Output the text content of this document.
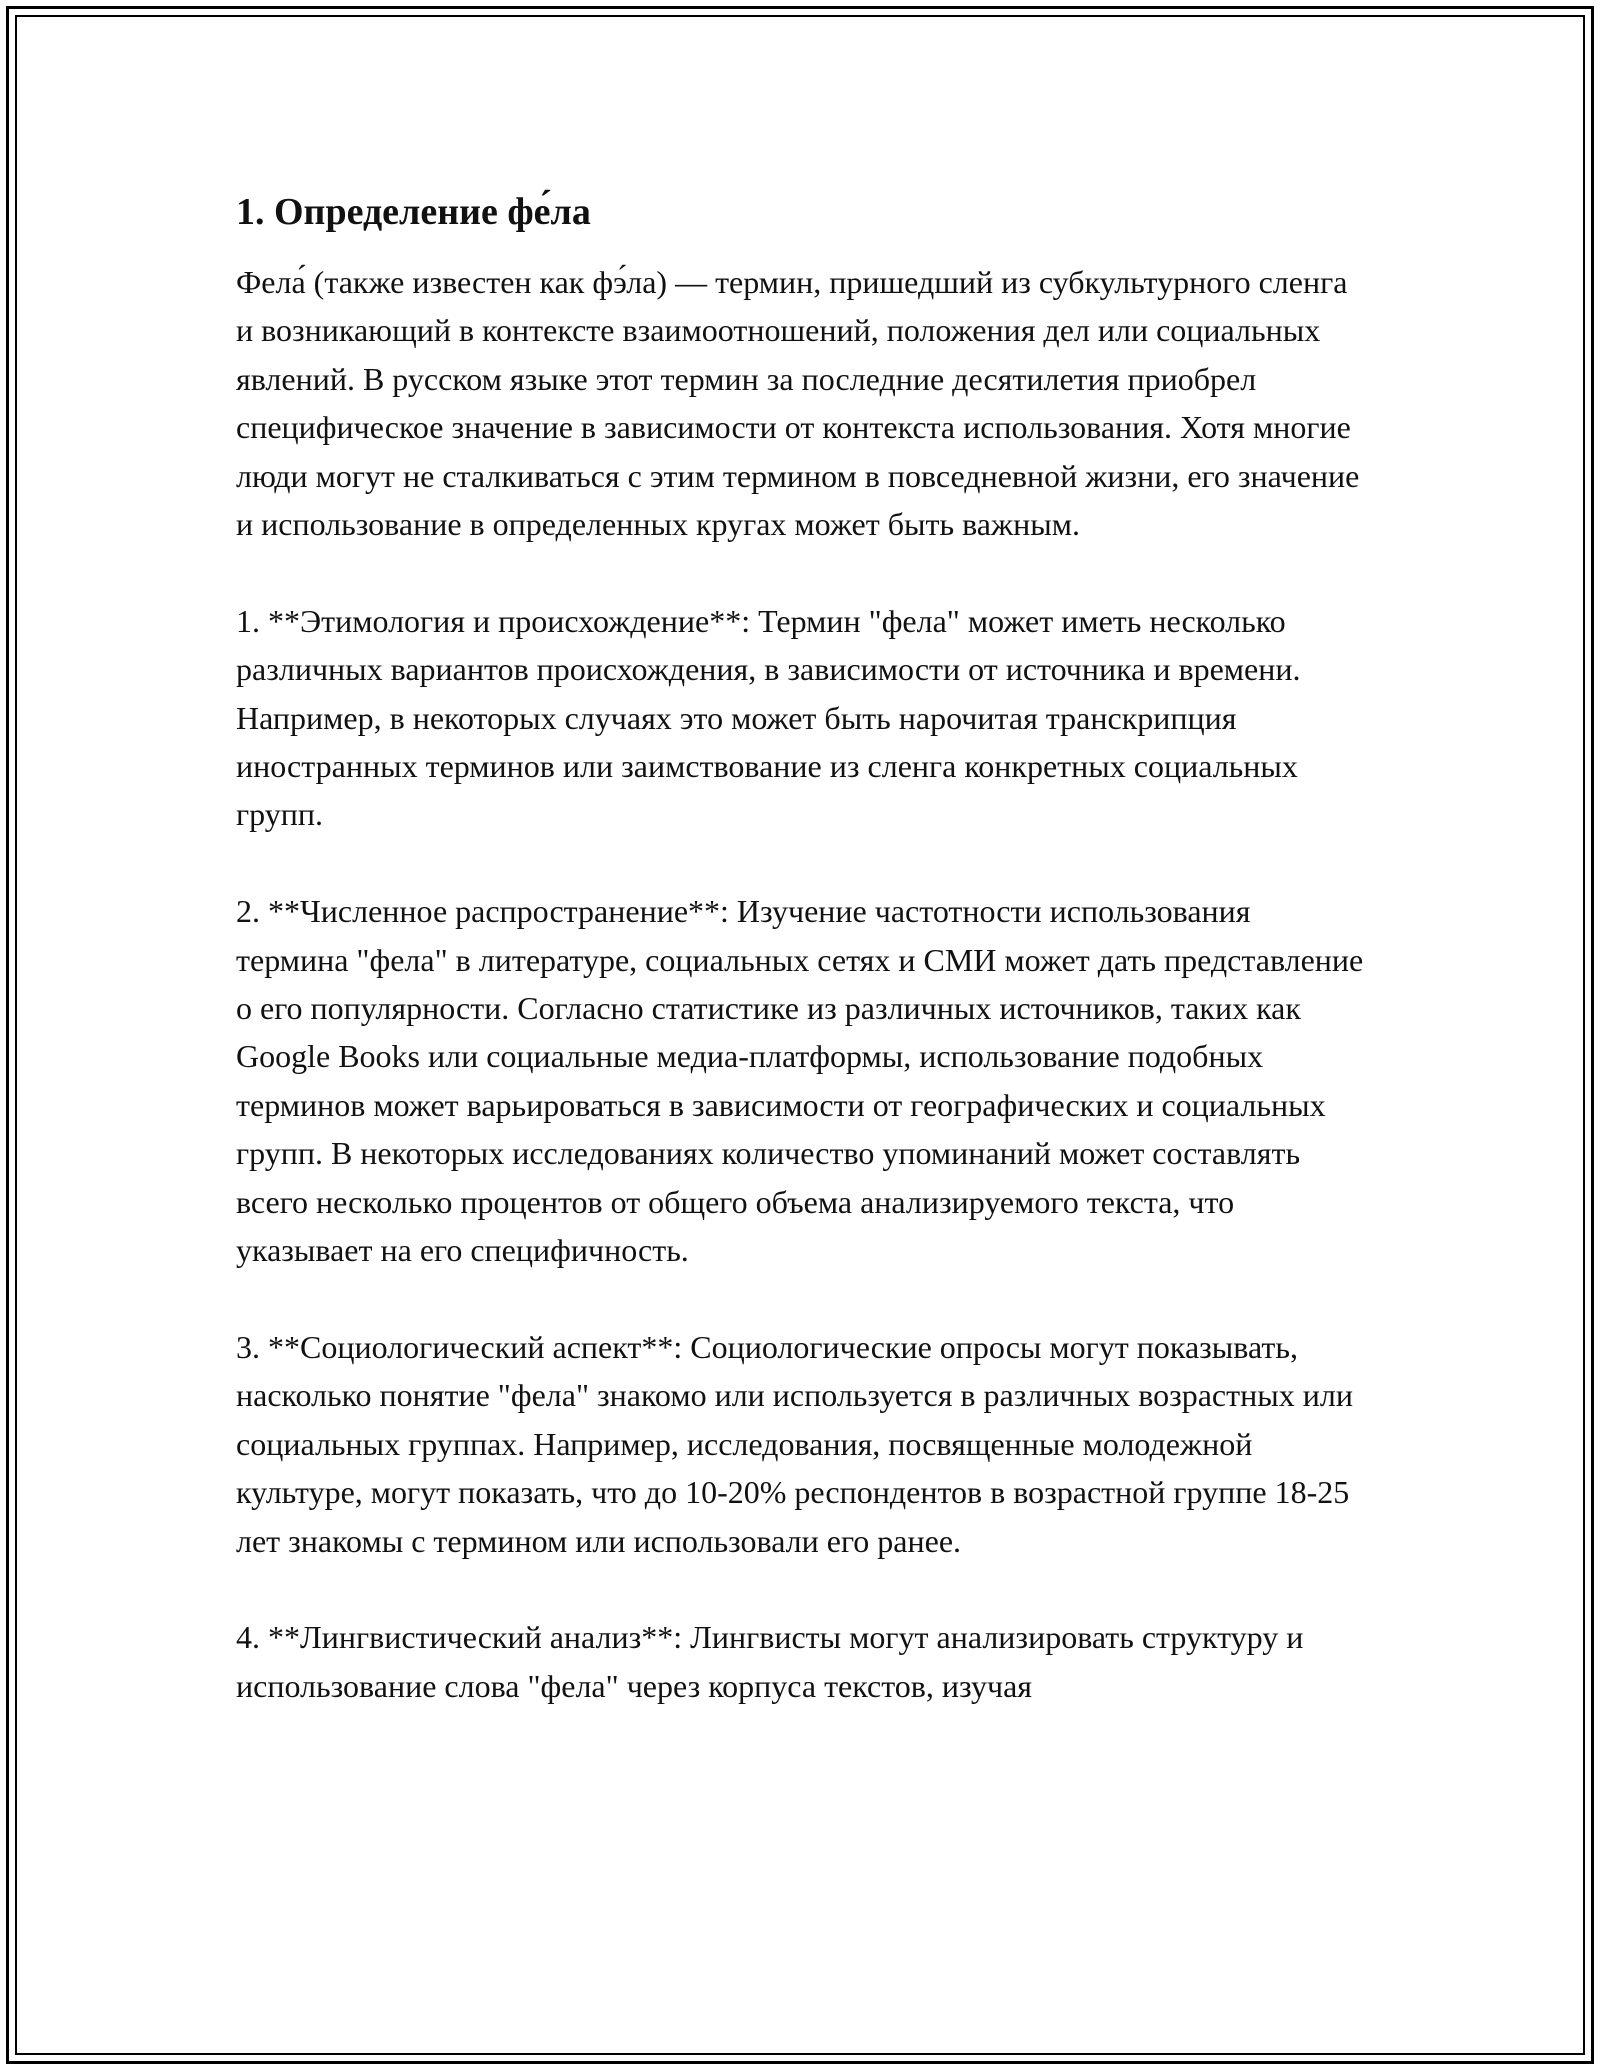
1. Определение фе́ла

Фела́ (также известен как фэ́ла) — термин, пришедший из субкультурного сленга и возникающий в контексте взаимоотношений, положения дел или социальных явлений. В русском языке этот термин за последние десятилетия приобрел специфическое значение в зависимости от контекста использования. Хотя многие люди могут не сталкиваться с этим термином в повседневной жизни, его значение и использование в определенных кругах может быть важным.

1. **Этимология и происхождение**: Термин "фела" может иметь несколько различных вариантов происхождения, в зависимости от источника и времени. Например, в некоторых случаях это может быть нарочитая транскрипция иностранных терминов или заимствование из сленга конкретных социальных групп.

2. **Численное распространение**: Изучение частотности использования термина "фела" в литературе, социальных сетях и СМИ может дать представление о его популярности. Согласно статистике из различных источников, таких как Google Books или социальные медиа-платформы, использование подобных терминов может варьироваться в зависимости от географических и социальных групп. В некоторых исследованиях количество упоминаний может составлять всего несколько процентов от общего объема анализируемого текста, что указывает на его специфичность.

3. **Социологический аспект**: Социологические опросы могут показывать, насколько понятие "фела" знакомо или используется в различных возрастных или социальных группах. Например, исследования, посвященные молодежной культуре, могут показать, что до 10-20% респондентов в возрастной группе 18-25 лет знакомы с термином или использовали его ранее.

4. **Лингвистический анализ**: Лингвисты могут анализировать структуру и использование слова "фела" через корпуса текстов, изучая
